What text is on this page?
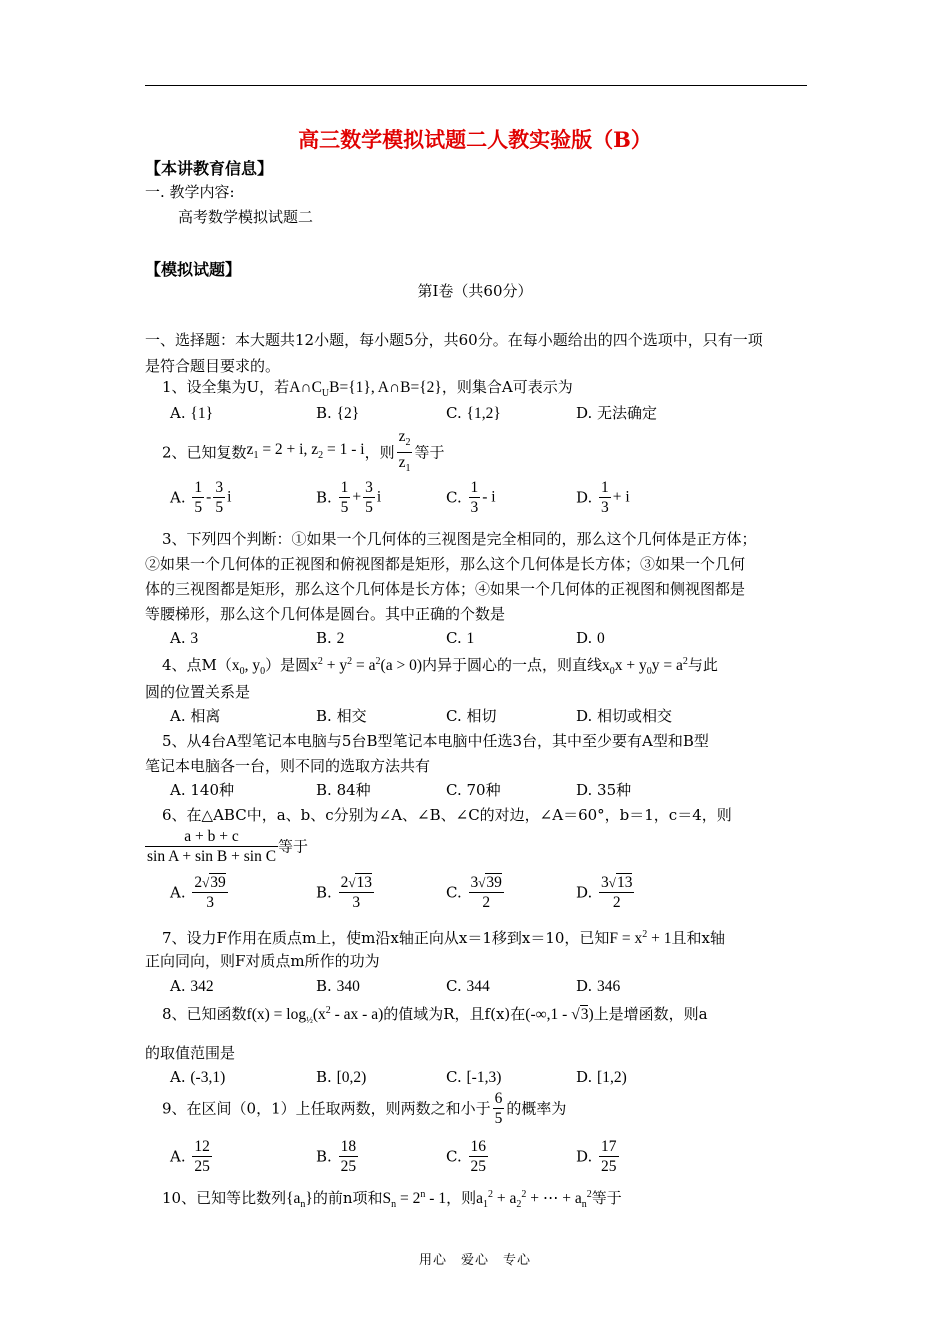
高三数学模拟试题二人教实验版（B）
【本讲教育信息】
一. 教学内容:
高考数学模拟试题二
【模拟试题】
第Ⅰ卷（共60分）
一、选择题：本大题共12小题，每小题5分，共60分。在每小题给出的四个选项中，只有一项
是符合题目要求的。
1、设全集为U，若$A\cap C_UB=\{1\}$, A∩B={2}，则集合A可表示为
A. {1}	B. {2}	C. {1,2}	D. 无法确定
2、已知复数$z_1 = 2 + i$, $z_2 = 1 - i$，则 $\frac{z_2}{z_1}$ 等于
A. $\frac{1}{5} - \frac{3}{5}$ i	B. $\frac{1}{5} + \frac{3}{5}$ i	C. $\frac{1}{3}$ - i	D. $\frac{1}{3} + i$
3、下列四个判断：①如果一个几何体的三视图是完全相同的，那么这个几何体是正方体；
②如果一个几何体的正视图和俯视图都是矩形，那么这个几何体是长方体；③如果一个几何
体的三视图都是矩形，那么这个几何体是长方体；④如果一个几何体的正视图和侧视图都是
等腰梯形，那么这个几何体是圆台。其中正确的个数是
A. 3	B. 2	C. 1	D. 0
4、点$M(x_0$, $y_0$）是圆$x^2 + y^2 = a^2(a > 0)$内异于圆心的一点，则直线$x_0x + y_0y = a^2$与此
圆的位置关系是
A. 相离	B. 相交	C. 相切	D. 相切或相交
5、从4台A型笔记本电脑与5台B型笔记本电脑中任选3台，其中至少要有A型和B型
笔记本电脑各一台，则不同的选取方法共有
A. 140种	B. 84种	C. 70种	D. 35种
6、在△ABC中，a、b、c分别为∠A、∠B、∠C的对边，∠A＝60°，b＝1，c＝4，则
$\frac{a + b + c}{\text{sin A + sin B + sin C}}$ 等于
A. $\frac{2√39}{3}$	B. $\frac{2√13}{3}$	C. $\frac{3√39}{2}$	D. $\frac{3√13}{2}$
7、设力F作用在质点m上，使m沿x轴正向从x＝1移到x＝10，已知$F = x^2 + 1$且和x轴
正向同向，则F对质点m所作的功为
A. 342	B. 340	C. 344	D. 346
8、已知函数$f(x) = \log_{\frac{1}{2}}(x^2$ - ax - a)的值域为R，且f(x)在(-∞,1 - √3)上是增函数，则a
的取值范围是
A. (-3,1)	B. [0,2)	C. [-1,3)	D. [1,2)
9、在区间（0，1）上任取两数，则两数之和小于 $\frac{6}{5}$ 的概率为
A. $\frac{12}{25}$	B. $\frac{18}{25}$	C. $\frac{16}{25}$	D. $\frac{17}{25}$
10、已知等比数列$\{a_n\}$的前n项和$S_n = 2^n - 1$，则$a_1^2 + a_2^2$ + ⋯ + $a_n^2$等于
用心　爱心　专心
